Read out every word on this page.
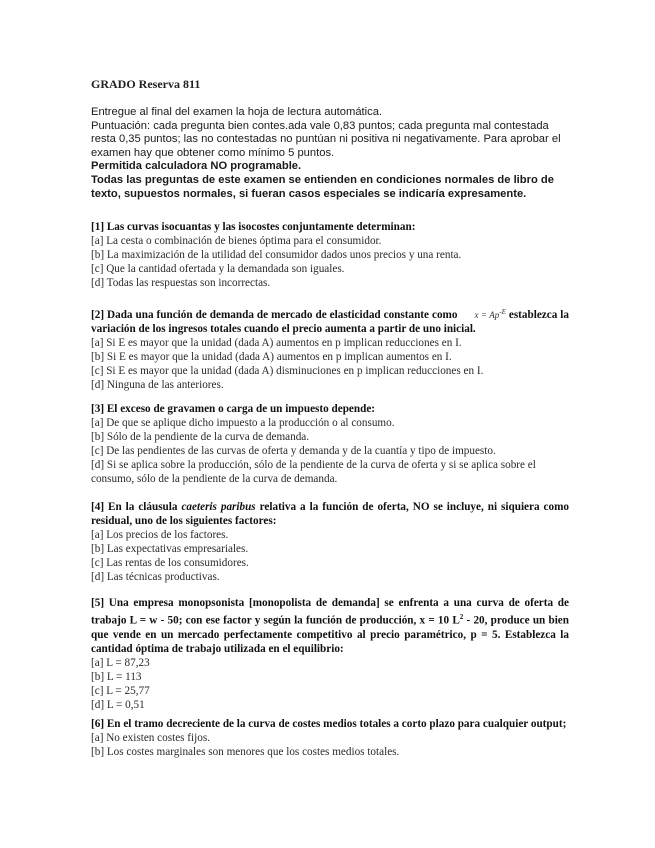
GRADO Reserva 811

Entregue al final del examen la hoja de lectura automática.

Puntuación: cada pregunta bien contes.ada vale 0,83 puntos; cada pregunta mal contestada resta 0,35 puntos; las no contestadas no puntúan ni positiva ni negativamente. Para aprobar el examen hay que obtener como mínimo 5 puntos.

Permitida calculadora NO programable.

Todas las preguntas de este examen se entienden en condiciones normales de libro de texto, supuestos normales, si fueran casos especiales se indicaría expresamente.

[1] Las curvas isocuantas y las isocostes conjuntamente determinan:
[a] La cesta o combinación de bienes óptima para el consumidor.
[b] La maximización de la utilidad del consumidor dados unos precios y una renta.
[c] Que la cantidad ofertada y la demandada son iguales.
[d] Todas las respuestas son incorrectas.
[2] Dada una función de demanda de mercado de elasticidad constante como $x = Ap^{-E}$ establezca la variación de los ingresos totales cuando el precio aumenta a partir de uno inicial.
[a] Si E es mayor que la unidad (dada A) aumentos en p implican reducciones en I.
[b] Si E es mayor que la unidad (dada A) aumentos en p implican aumentos en I.
[c] Si E es mayor que la unidad (dada A) disminuciones en p implican reducciones en I.
[d] Ninguna de las anteriores.
[3] El exceso de gravamen o carga de un impuesto depende:
[a] De que se aplique dicho impuesto a la producción o al consumo.
[b] Sólo de la pendiente de la curva de demanda.
[c] De las pendientes de las curvas de oferta y demanda y de la cuantía y tipo de impuesto.
[d] Si se aplica sobre la producción, sólo de la pendiente de la curva de oferta y si se aplica sobre el consumo, sólo de la pendiente de la curva de demanda.
[4] En la cláusula caeteris paribus relativa a la función de oferta, NO se incluye, ni siquiera como residual, uno de los siguientes factores:
[a] Los precios de los factores.
[b] Las expectativas empresariales.
[c] Las rentas de los consumidores.
[d] Las técnicas productivas.
[5] Una empresa monopsonista [monopolista de demanda] se enfrenta a una curva de oferta de trabajo L = w - 50; con ese factor y según la función de producción, x = 10 $L^2 - 20$, produce un bien que vende en un mercado perfectamente competitivo al precio paramétrico, p = 5. Establezca la cantidad óptima de trabajo utilizada en el equilibrio:
[a] L = 87,23
[b] L = 113
[c] L = 25,77
[d] L = 0,51
[6] En el tramo decreciente de la curva de costes medios totales a corto plazo para cualquier output;
[a] No existen costes fijos.
[b] Los costes marginales son menores que los costes medios totales.
